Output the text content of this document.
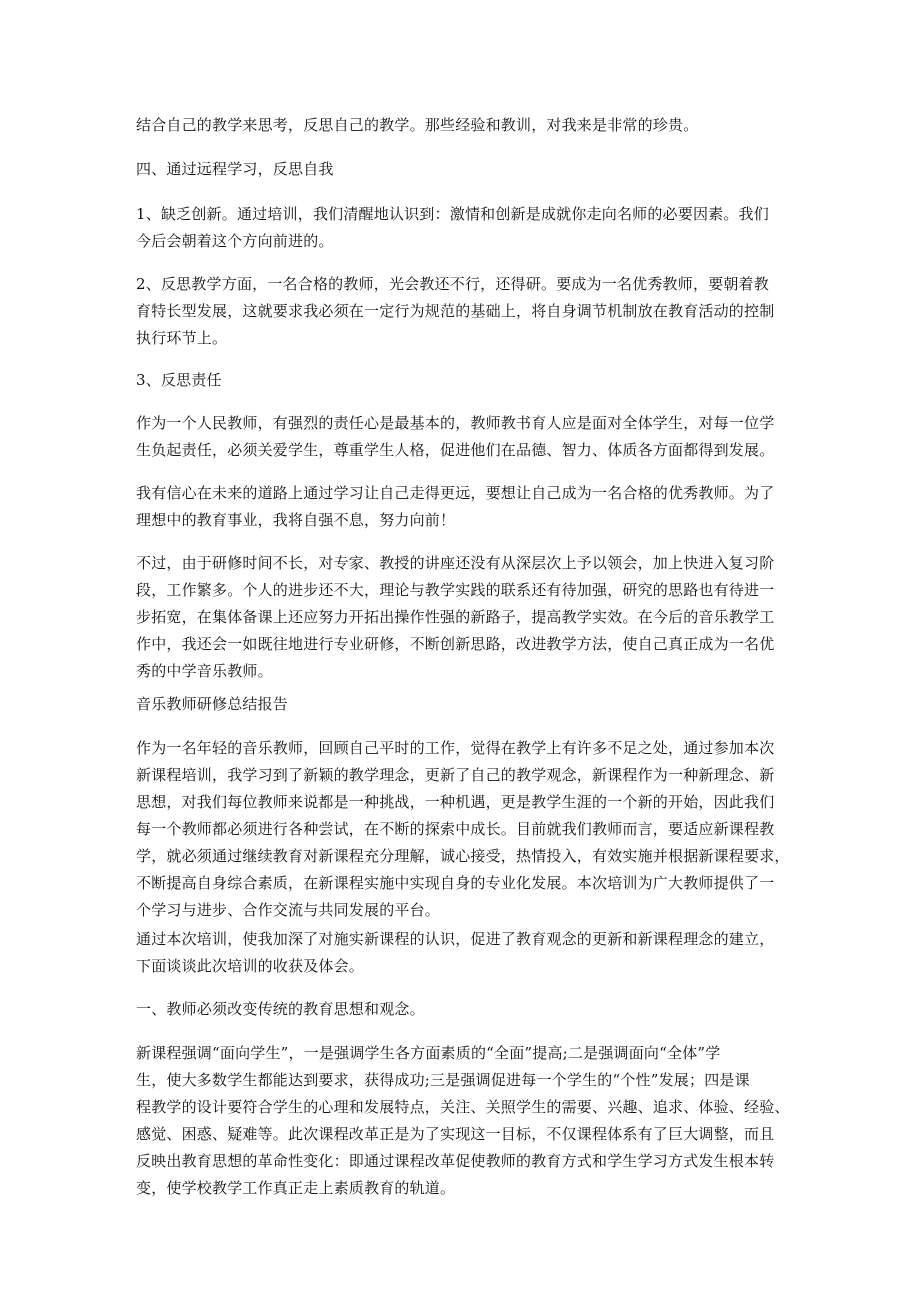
结合自己的教学来思考，反思自己的教学。那些经验和教训，对我来是非常的珍贵。

四、通过远程学习，反思自我

1、缺乏创新。通过培训，我们清醒地认识到：激情和创新是成就你走向名师的必要因素。我们
今后会朝着这个方向前进的。

2、反思教学方面，一名合格的教师，光会教还不行，还得研。要成为一名优秀教师，要朝着教
育特长型发展，这就要求我必须在一定行为规范的基础上，将自身调节机制放在教育活动的控制
执行环节上。

3、反思责任

作为一个人民教师，有强烈的责任心是最基本的，教师教书育人应是面对全体学生，对每一位学
生负起责任，必须关爱学生，尊重学生人格，促进他们在品德、智力、体质各方面都得到发展。

我有信心在未来的道路上通过学习让自己走得更远，要想让自己成为一名合格的优秀教师。为了
理想中的教育事业，我将自强不息，努力向前！

不过，由于研修时间不长，对专家、教授的讲座还没有从深层次上予以领会，加上快进入复习阶
段，工作繁多。个人的进步还不大，理论与教学实践的联系还有待加强，研究的思路也有待进一
步拓宽，在集体备课上还应努力开拓出操作性强的新路子，提高教学实效。在今后的音乐教学工
作中，我还会一如既往地进行专业研修，不断创新思路，改进教学方法，使自己真正成为一名优
秀的中学音乐教师。

音乐教师研修总结报告

作为一名年轻的音乐教师，回顾自己平时的工作，觉得在教学上有许多不足之处，通过参加本次
新课程培训，我学习到了新颖的教学理念，更新了自己的教学观念，新课程作为一种新理念、新
思想，对我们每位教师来说都是一种挑战，一种机遇，更是教学生涯的一个新的开始，因此我们
每一个教师都必须进行各种尝试，在不断的探索中成长。目前就我们教师而言，要适应新课程教
学，就必须通过继续教育对新课程充分理解，诚心接受，热情投入，有效实施并根据新课程要求，
不断提高自身综合素质，在新课程实施中实现自身的专业化发展。本次培训为广大教师提供了一
个学习与进步、合作交流与共同发展的平台。

通过本次培训，使我加深了对施实新课程的认识，促进了教育观念的更新和新课程理念的建立，
下面谈谈此次培训的收获及体会。

一、教师必须改变传统的教育思想和观念。

新课程强调“面向学生”，一是强调学生各方面素质的“全面”提高;二是强调面向“全体”学
生，使大多数学生都能达到要求，获得成功;三是强调促进每一个学生的“个性”发展；四是课
程教学的设计要符合学生的心理和发展特点，关注、关照学生的需要、兴趣、追求、体验、经验、
感觉、困惑、疑难等。此次课程改革正是为了实现这一目标，不仅课程体系有了巨大调整，而且
反映出教育思想的革命性变化：即通过课程改革促使教师的教育方式和学生学习方式发生根本转
变，使学校教学工作真正走上素质教育的轨道。
